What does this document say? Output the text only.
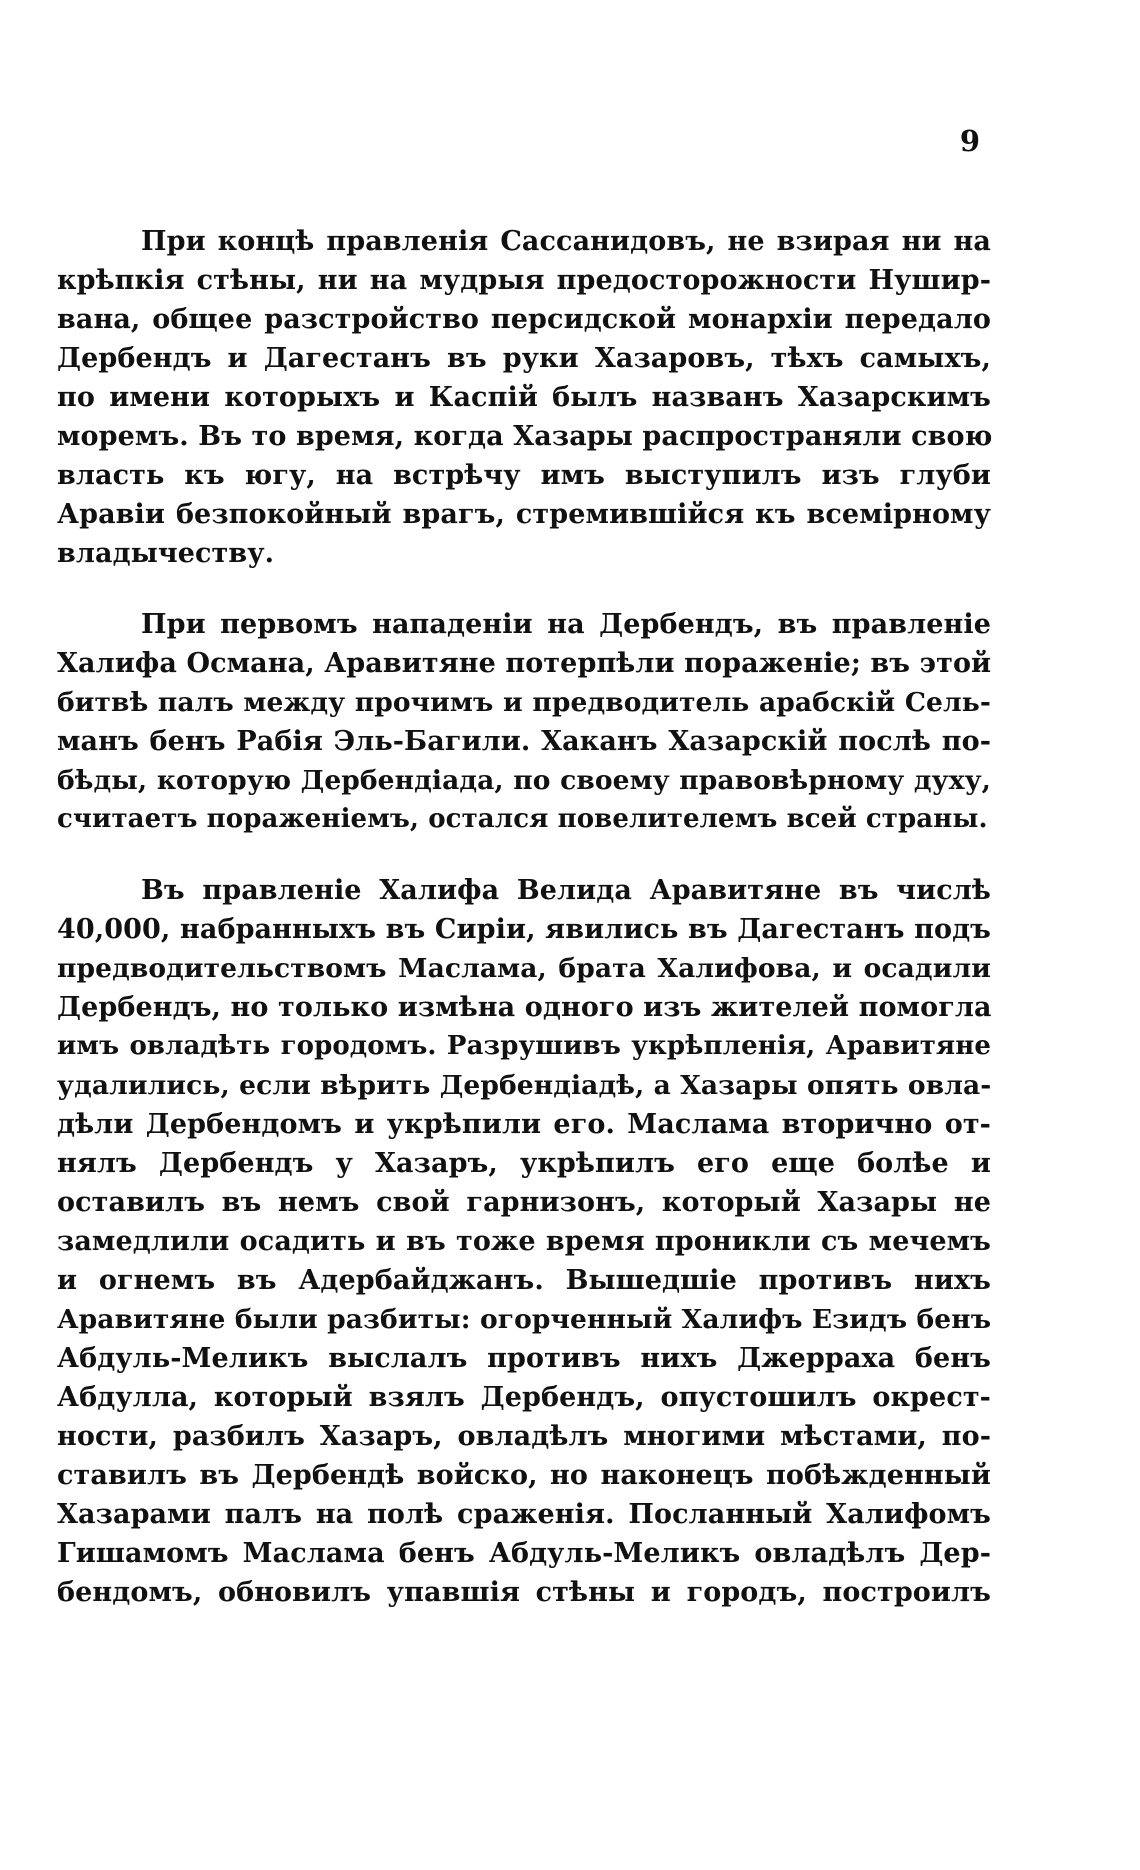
9
При концѣ правленія Сассанидовъ, не взирая ни на
крѣпкія стѣны, ни на мудрыя предосторожности Нушир-
вана, общее разстройство персидской монархіи передало
Дербендъ и Дагестанъ въ руки Хазаровъ, тѣхъ самыхъ,
по имени которыхъ и Каспій былъ названъ Хазарскимъ
моремъ. Въ то время, когда Хазары распространяли свою
власть къ югу, на встрѣчу имъ выступилъ изъ глуби
Аравіи безпокойный врагъ, стремившійся къ всемірному
владычеству.
При первомъ нападеніи на Дербендъ, въ правленіе
Халифа Османа, Аравитяне потерпѣли пораженіе; въ этой
битвѣ палъ между прочимъ и предводитель арабскій Сель-
манъ бенъ Рабія Эль-Багили. Хаканъ Хазарскій послѣ по-
бѣды, которую Дербендіада, по своему правовѣрному духу,
считаетъ пораженіемъ, остался повелителемъ всей страны.
Въ правленіе Халифа Велида Аравитяне въ числѣ
40,000, набранныхъ въ Сиріи, явились въ Дагестанъ подъ
предводительствомъ Маслама, брата Халифова, и осадили
Дербендъ, но только измѣна одного изъ жителей помогла
имъ овладѣть городомъ. Разрушивъ укрѣпленія, Аравитяне
удалились, если вѣрить Дербендіадѣ, а Хазары опять овла-
дѣли Дербендомъ и укрѣпили его. Маслама вторично от-
нялъ Дербендъ у Хазаръ, укрѣпилъ его еще болѣе и
оставилъ въ немъ свой гарнизонъ, который Хазары не
замедлили осадить и въ тоже время проникли съ мечемъ
и огнемъ въ Адербайджанъ. Вышедшіе противъ нихъ
Аравитяне были разбиты: огорченный Халифъ Езидъ бенъ
Абдуль-Меликъ выслалъ противъ нихъ Джерраха бенъ
Абдулла, который взялъ Дербендъ, опустошилъ окрест-
ности, разбилъ Хазаръ, овладѣлъ многими мѣстами, по-
ставилъ въ Дербендѣ войско, но наконецъ побѣжденный
Хазарами палъ на полѣ сраженія. Посланный Халифомъ
Гишамомъ Маслама бенъ Абдуль-Меликъ овладѣлъ Дер-
бендомъ, обновилъ упавшія стѣны и городъ, построилъ
